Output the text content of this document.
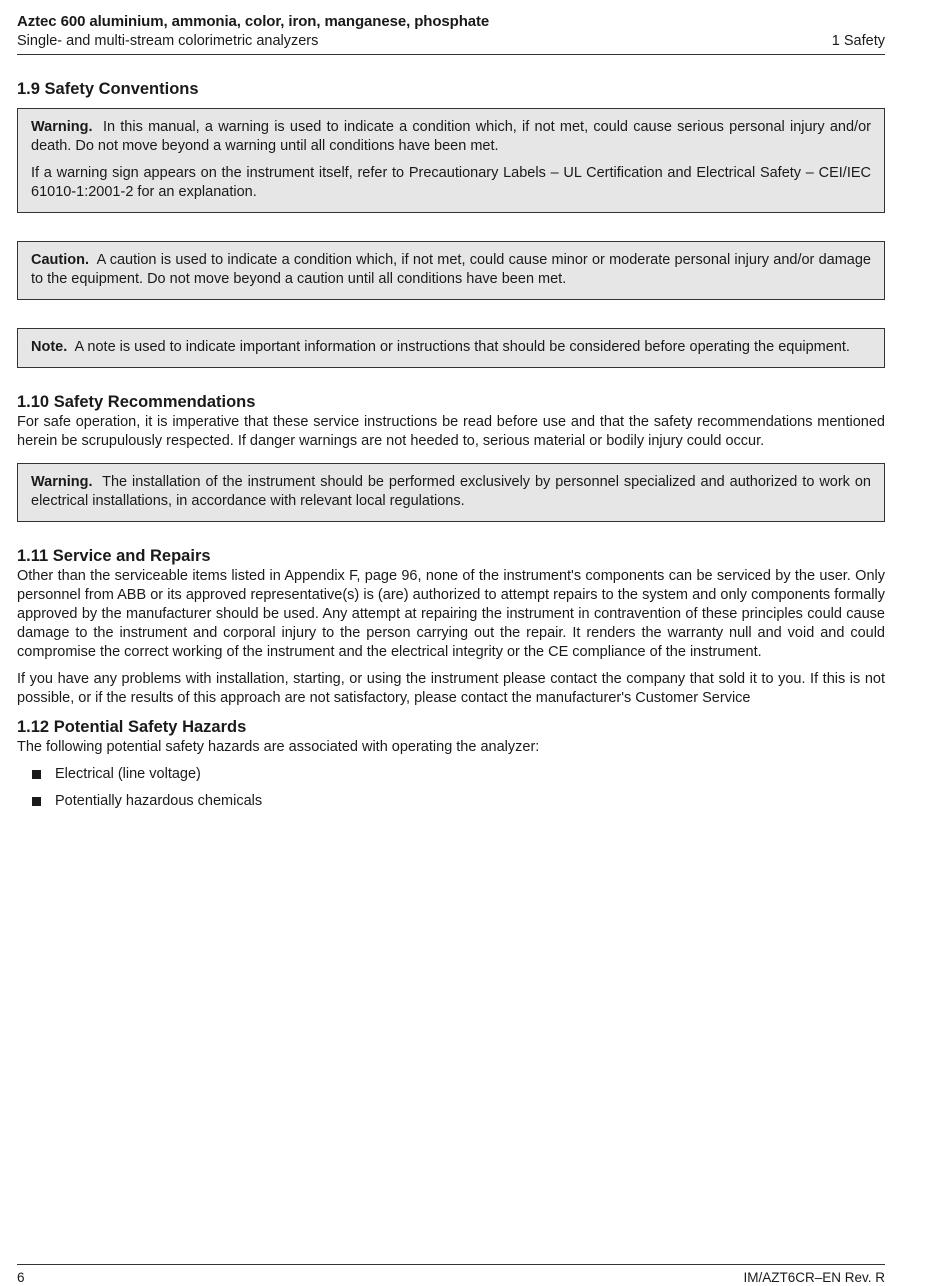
Aztec 600 aluminium, ammonia, color, iron, manganese, phosphate
Single- and multi-stream colorimetric analyzers	1 Safety
1.9 Safety Conventions

Warning. In this manual, a warning is used to indicate a condition which, if not met, could cause serious personal injury and/or death. Do not move beyond a warning until all conditions have been met.

If a warning sign appears on the instrument itself, refer to Precautionary Labels – UL Certification and Electrical Safety – CEI/IEC 61010-1:2001-2 for an explanation.

Caution. A caution is used to indicate a condition which, if not met, could cause minor or moderate personal injury and/or damage to the equipment. Do not move beyond a caution until all conditions have been met.

Note. A note is used to indicate important information or instructions that should be considered before operating the equipment.

1.10 Safety Recommendations

For safe operation, it is imperative that these service instructions be read before use and that the safety recommendations mentioned herein be scrupulously respected. If danger warnings are not heeded to, serious material or bodily injury could occur.

Warning. The installation of the instrument should be performed exclusively by personnel specialized and authorized to work on electrical installations, in accordance with relevant local regulations.

1.11 Service and Repairs

Other than the serviceable items listed in Appendix F, page 96, none of the instrument's components can be serviced by the user. Only personnel from ABB or its approved representative(s) is (are) authorized to attempt repairs to the system and only components formally approved by the manufacturer should be used. Any attempt at repairing the instrument in contravention of these principles could cause damage to the instrument and corporal injury to the person carrying out the repair. It renders the warranty null and void and could compromise the correct working of the instrument and the electrical integrity or the CE compliance of the instrument.

If you have any problems with installation, starting, or using the instrument please contact the company that sold it to you. If this is not possible, or if the results of this approach are not satisfactory, please contact the manufacturer's Customer Service

1.12 Potential Safety Hazards

The following potential safety hazards are associated with operating the analyzer:

Electrical (line voltage)
Potentially hazardous chemicals
6	IM/AZT6CR–EN Rev. R
